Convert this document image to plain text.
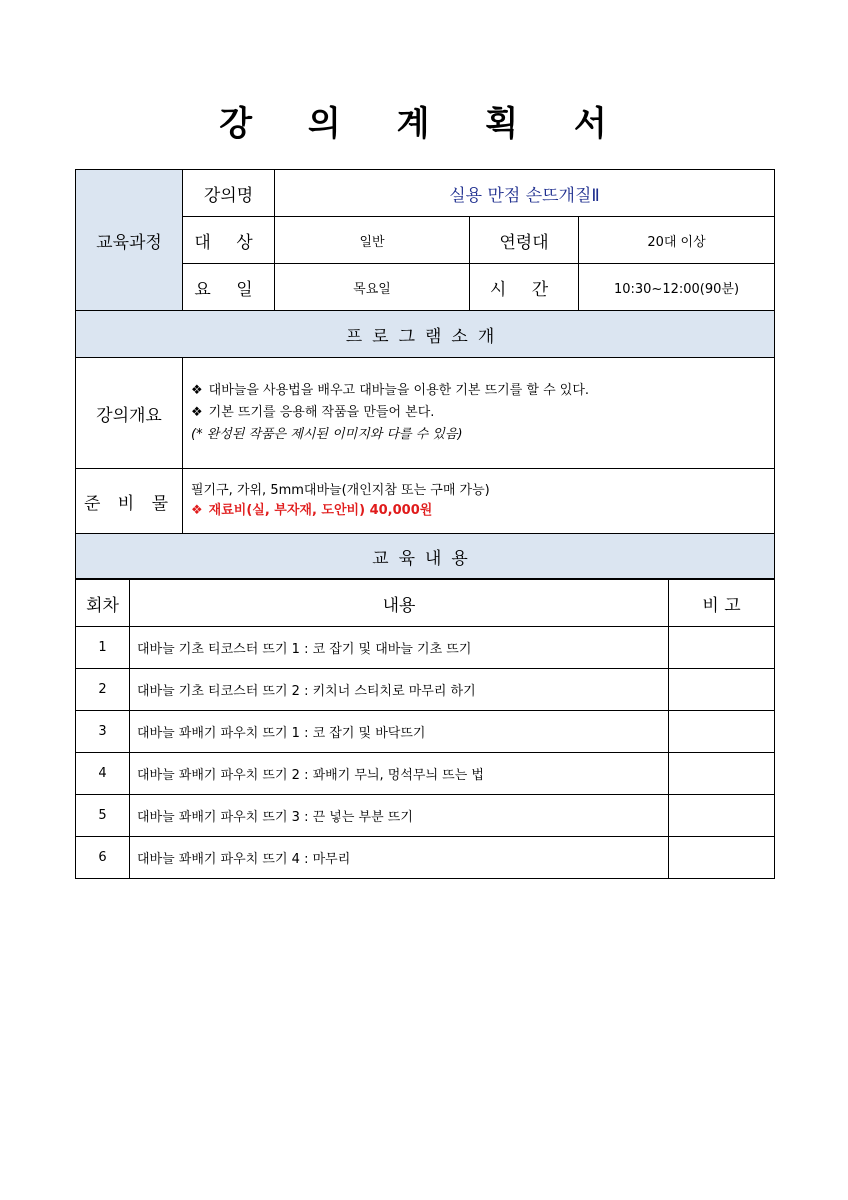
강 의 계 획 서
교육과정	강의명	실용 만점 손뜨개질Ⅱ		
	대 상	일반	연령대	20대 이상
	요 일	목요일	시 간	10:30~12:00(90분)
프로그램소개				
강의개요	❖ 대바늘을 사용법을 배우고 대바늘을 이용한 기본 뜨기를 할 수 있다.
❖ 기본 뜨기를 응용해 작품을 만들어 본다.
(* 완성된 작품은 제시된 이미지와 다를 수 있음)			

준 비 물	필기구, 가위, 5mm대바늘(개인지참 또는 구매 가능)
❖ 재료비(실, 부자재, 도안비) 40,000원			

교육내용				
회차	내용	비 고
1	대바늘 기초 티코스터 뜨기 1 : 코 잡기 및 대바늘 기초 뜨기	
2	대바늘 기초 티코스터 뜨기 2 : 키치너 스티치로 마무리 하기	
3	대바늘 꽈배기 파우치 뜨기 1 : 코 잡기 및 바닥뜨기	
4	대바늘 꽈배기 파우치 뜨기 2 : 꽈배기 무늬, 멍석무늬 뜨는 법	
5	대바늘 꽈배기 파우치 뜨기 3 : 끈 넣는 부분 뜨기	
6	대바늘 꽈배기 파우치 뜨기 4 : 마무리	
